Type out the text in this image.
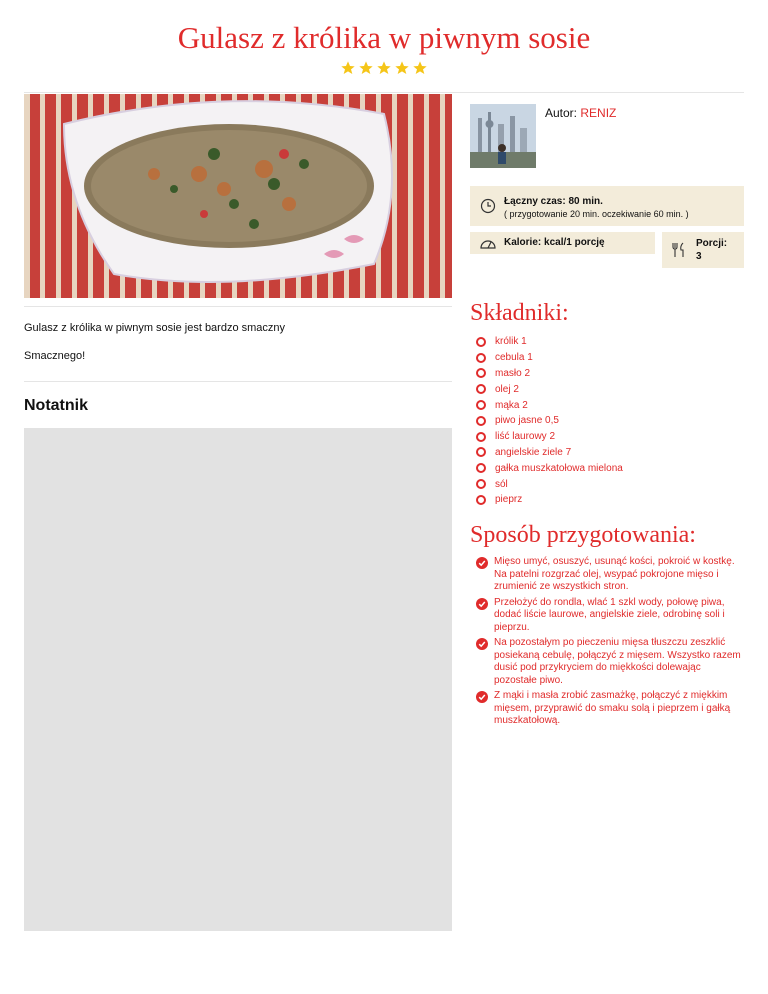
Gulasz z królika w piwnym sosie
Autor: RENIZ
Łączny czas: 80 min.
( przygotowanie 20 min. oczekiwanie 60 min. )
Kalorie: kcal/1 porcję	Porcji:
3
Gulasz z królika w piwnym sosie jest bardzo smaczny
Smacznego!
Notatnik
Składniki:
królik 1
cebula 1
masło 2
olej 2
mąka 2
piwo jasne 0,5
liść laurowy 2
angielskie ziele 7
gałka muszkatołowa mielona
sól
pieprz
Sposób przygotowania:
Mięso umyć, osuszyć, usunąć kości, pokroić w kostkę. Na patelni rozgrzać olej, wsypać pokrojone mięso i zrumienić ze wszystkich stron.
Przełożyć do rondla, wlać 1 szkl wody, połowę piwa, dodać liście laurowe, angielskie ziele, odrobinę soli i pieprzu.
Na pozostałym po pieczeniu mięsa tłuszczu zeszklić posiekaną cebulę, połączyć z mięsem. Wszystko razem dusić pod przykryciem do miękkości dolewając pozostałe piwo.
Z mąki i masła zrobić zasmażkę, połączyć z miękkim mięsem, przyprawić do smaku solą i pieprzem i gałką muszkatołową.
